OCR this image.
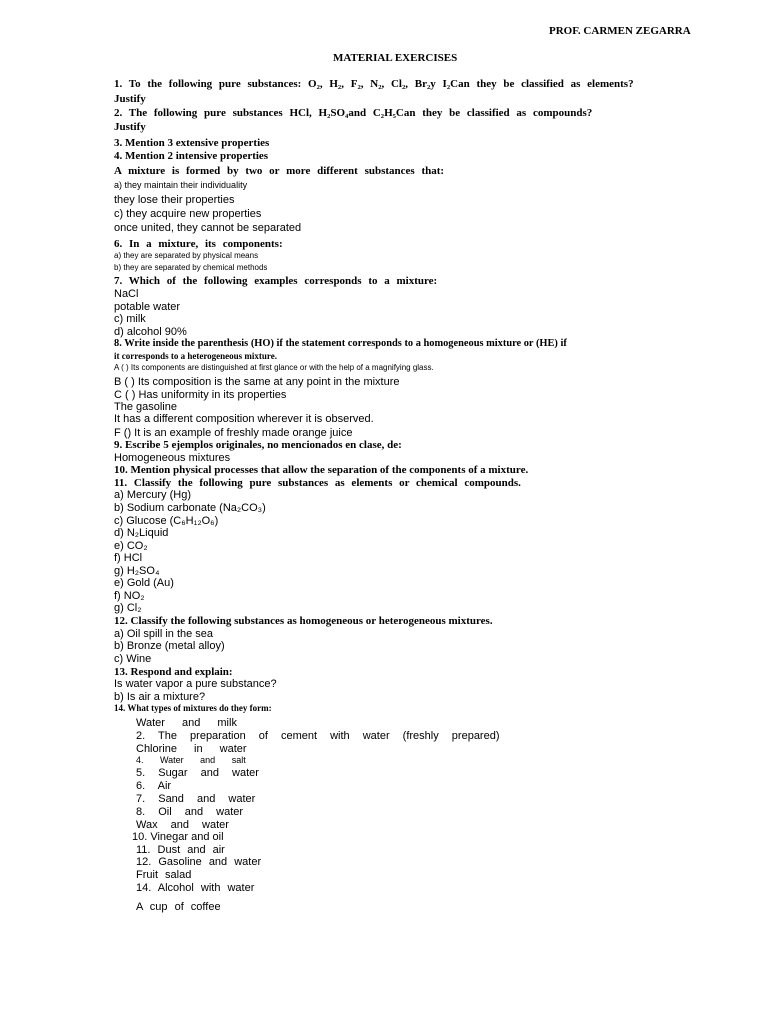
PROF. CARMEN ZEGARRA
MATERIAL EXERCISES
1. To the following pure substances: O₂, H₂, F₂, N₂, Cl₂, Br₂y I₂Can they be classified as elements?
Justify
2. The following pure substances HCl, H₂SO₄and C₂H₅Can they be classified as compounds?
Justify
3. Mention 3 extensive properties
4. Mention 2 intensive properties
A mixture is formed by two or more different substances that:
a) they maintain their individuality
they lose their properties
c) they acquire new properties
once united, they cannot be separated
6. In a mixture, its components:
a) they are separated by physical means
b) they are separated by chemical methods
7. Which of the following examples corresponds to a mixture:
NaCl
potable water
c) milk
d) alcohol 90%
8. Write inside the parenthesis (HO) if the statement corresponds to a homogeneous mixture or (HE) if
it corresponds to a heterogeneous mixture.
A ( ) Its components are distinguished at first glance or with the help of a magnifying glass.
B ( ) Its composition is the same at any point in the mixture
C ( ) Has uniformity in its properties
The gasoline
It has a different composition wherever it is observed.
F () It is an example of freshly made orange juice
9. Escribe 5 ejemplos originales, no mencionados en clase, de:
Homogeneous mixtures
10. Mention physical processes that allow the separation of the components of a mixture.
11. Classify the following pure substances as elements or chemical compounds.
a) Mercury (Hg)
b) Sodium carbonate (Na₂CO₃)
c) Glucose (C₆H₁₂O₆)
d) N₂Liquid
e) CO₂
f) HCl
g) H₂SO₄
e) Gold (Au)
f) NO₂
g) Cl₂
12. Classify the following substances as homogeneous or heterogeneous mixtures.
a) Oil spill in the sea
b) Bronze (metal alloy)
c) Wine
13. Respond and explain:
Is water vapor a pure substance?
b) Is air a mixture?
14. What types of mixtures do they form:
Water and milk
2. The preparation of cement with water (freshly prepared)
Chlorine in water
4. Water and salt
5. Sugar and water
6. Air
7. Sand and water
8. Oil and water
Wax and water
10. Vinegar and oil
11. Dust and air
12. Gasoline and water
Fruit salad
14. Alcohol with water
A cup of coffee
